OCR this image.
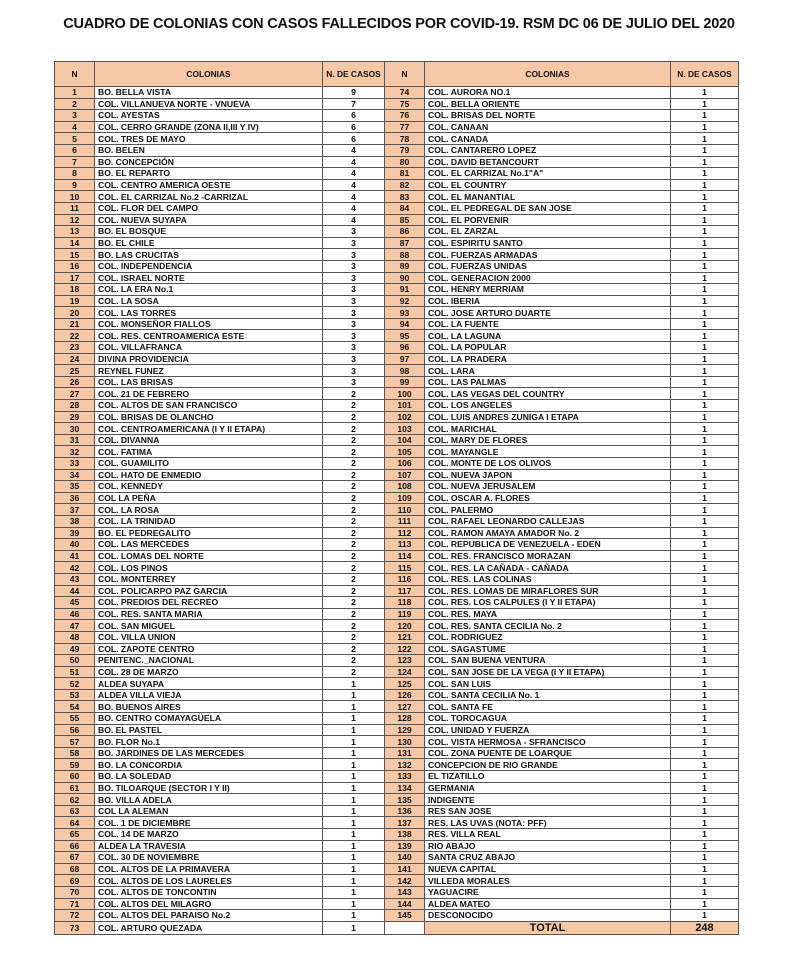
CUADRO DE COLONIAS CON CASOS FALLECIDOS POR COVID-19. RSM DC 06 DE JULIO DEL 2020
N	COLONIAS	N. DE CASOS	N	COLONIAS	N. DE CASOS
1	BO. BELLA VISTA	9	74	COL. AURORA NO.1	1
2	COL. VILLANUEVA NORTE - VNUEVA	7	75	COL. BELLA ORIENTE	1
3	COL. AYESTAS	6	76	COL. BRISAS DEL NORTE	1
4	COL. CERRO GRANDE (ZONA II,III Y IV)	6	77	COL. CANAAN	1
5	COL. TRES DE MAYO	6	78	COL. CANADA	1
6	BO. BELEN	4	79	COL. CANTARERO LOPEZ	1
7	BO. CONCEPCIÓN	4	80	COL. DAVID BETANCOURT	1
8	BO. EL REPARTO	4	81	COL. EL CARRIZAL No.1"A"	1
9	COL. CENTRO AMERICA OESTE	4	82	COL. EL COUNTRY	1
10	COL. EL CARRIZAL No.2 -CARRIZAL	4	83	COL. EL MANANTIAL	1
11	COL. FLOR DEL CAMPO	4	84	COL. EL PEDREGAL DE SAN JOSE	1
12	COL. NUEVA SUYAPA	4	85	COL. EL PORVENIR	1
13	BO. EL BOSQUE	3	86	COL. EL ZARZAL	1
14	BO. EL CHILE	3	87	COL. ESPIRITU SANTO	1
15	BO. LAS CRUCITAS	3	88	COL. FUERZAS ARMADAS	1
16	COL. INDEPENDENCIA	3	89	COL. FUERZAS UNIDAS	1
17	COL. ISRAEL NORTE	3	90	COL. GENERACION 2000	1
18	COL. LA ERA No.1	3	91	COL. HENRY MERRIAM	1
19	COL. LA SOSA	3	92	COL. IBERIA	1
20	COL. LAS TORRES	3	93	COL. JOSE ARTURO DUARTE	1
21	COL. MONSEÑOR FIALLOS	3	94	COL. LA FUENTE	1
22	COL. RES. CENTROAMERICA ESTE	3	95	COL. LA LAGUNA	1
23	COL. VILLAFRANCA	3	96	COL. LA POPULAR	1
24	DIVINA PROVIDENCIA	3	97	COL. LA PRADERA	1
25	REYNEL FUNEZ	3	98	COL. LARA	1
26	COL. LAS BRISAS	3	99	COL. LAS PALMAS	1
27	COL. 21 DE FEBRERO	2	100	COL. LAS VEGAS DEL COUNTRY	1
28	COL. ALTOS DE SAN FRANCISCO	2	101	COL. LOS ANGELES	1
29	COL. BRISAS DE OLANCHO	2	102	COL. LUIS ANDRES ZUNIGA I ETAPA	1
30	COL. CENTROAMERICANA (I Y II ETAPA)	2	103	COL. MARICHAL	1
31	COL. DIVANNA	2	104	COL. MARY DE FLORES	1
32	COL. FATIMA	2	105	COL. MAYANGLE	1
33	COL. GUAMILITO	2	106	COL. MONTE DE LOS OLIVOS	1
34	COL. HATO DE ENMEDIO	2	107	COL. NUEVA JAPON	1
35	COL. KENNEDY	2	108	COL. NUEVA JERUSALEM	1
36	COL LA PEÑA	2	109	COL. OSCAR A. FLORES	1
37	COL. LA ROSA	2	110	COL. PALERMO	1
38	COL. LA TRINIDAD	2	111	COL. RAFAEL LEONARDO CALLEJAS	1
39	BO. EL PEDREGALITO	2	112	COL. RAMON AMAYA AMADOR No. 2	1
40	COL. LAS MERCEDES	2	113	COL. REPUBLICA DE VENEZUELA - EDEN	1
41	COL. LOMAS DEL NORTE	2	114	COL. RES. FRANCISCO MORAZAN	1
42	COL. LOS PINOS	2	115	COL. RES. LA CAÑADA - CAÑADA	1
43	COL. MONTERREY	2	116	COL. RES. LAS COLINAS	1
44	COL. POLICARPO PAZ GARCIA	2	117	COL. RES. LOMAS DE MIRAFLORES SUR	1
45	COL. PREDIOS DEL RECREO	2	118	COL. RES. LOS CALPULES (I Y II ETAPA)	1
46	COL. RES. SANTA MARIA	2	119	COL. RES. MAYA	1
47	COL. SAN MIGUEL	2	120	COL. RES. SANTA CECILIA No. 2	1
48	COL. VILLA UNION	2	121	COL. RODRIGUEZ	1
49	COL. ZAPOTE CENTRO	2	122	COL. SAGASTUME	1
50	PENITENC._NACIONAL	2	123	COL. SAN BUENA VENTURA	1
51	COL. 28 DE MARZO	2	124	COL. SAN JOSE DE LA VEGA (I Y II ETAPA)	1
52	ALDEA SUYAPA	1	125	COL. SAN LUIS	1
53	ALDEA VILLA VIEJA	1	126	COL. SANTA CECILIA No. 1	1
54	BO. BUENOS AIRES	1	127	COL. SANTA FE	1
55	BO. CENTRO COMAYAGÜELA	1	128	COL. TOROCAGUA	1
56	BO. EL PASTEL	1	129	COL. UNIDAD Y FUERZA	1
57	BO. FLOR No.1	1	130	COL. VISTA HERMOSA - SFRANCISCO	1
58	BO. JARDINES DE LAS MERCEDES	1	131	COL. ZONA PUENTE DE LOARQUE	1
59	BO. LA CONCORDIA	1	132	CONCEPCION DE RIO GRANDE	1
60	BO. LA SOLEDAD	1	133	EL TIZATILLO	1
61	BO. TILOARQUE (SECTOR I Y II)	1	134	GERMANIA	1
62	BO. VILLA ADELA	1	135	INDIGENTE	1
63	COL LA ALEMAN	1	136	RES SAN JOSE	1
64	COL. 1 DE DICIEMBRE	1	137	RES. LAS UVAS (NOTA: PFF)	1
65	COL. 14 DE MARZO	1	138	RES. VILLA REAL	1
66	ALDEA LA TRAVESIA	1	139	RIO ABAJO	1
67	COL. 30 DE NOVIEMBRE	1	140	SANTA CRUZ ABAJO	1
68	COL. ALTOS DE LA PRIMAVERA	1	141	NUEVA CAPITAL	1
69	COL. ALTOS DE LOS LAURELES	1	142	VILLEDA MORALES	1
70	COL. ALTOS DE TONCONTIN	1	143	YAGUACIRE	1
71	COL. ALTOS DEL MILAGRO	1	144	ALDEA MATEO	1
72	COL. ALTOS DEL PARAISO No.2	1	145	DESCONOCIDO	1
73	COL. ARTURO QUEZADA	1		TOTAL	248
